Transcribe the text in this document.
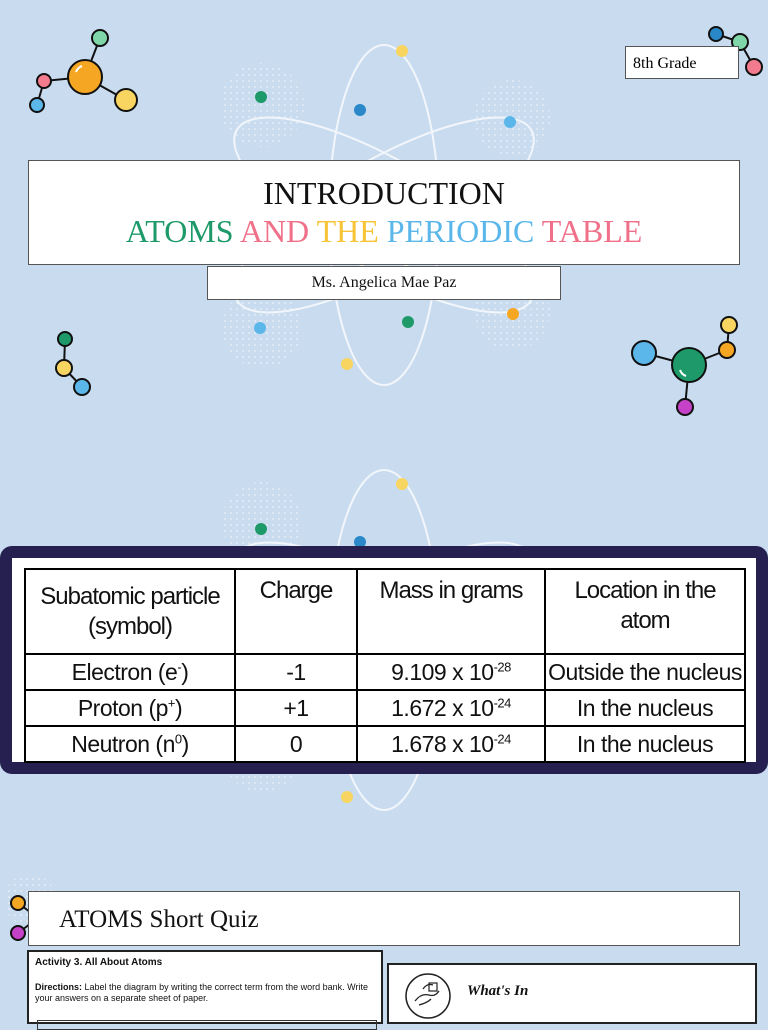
8th Grade
INTRODUCTION
ATOMS AND THE PERIODIC TABLE
Ms. Angelica Mae Paz
Subatomic particle (symbol)	Charge	Mass in grams	Location in the atom
Electron (e-)	-1	9.109 x $10^{-28}$	Outside the nucleus
Proton (p+)	+1	1.672 x $10^{-24}$	In the nucleus
Neutron $(n^0)$	0	1.678 x $10^{-24}$	In the nucleus
ATOMS Short Quiz
Activity 3. All About Atoms
Directions: Label the diagram by writing the correct term from the word bank. Write your answers on a separate sheet of paper.	What's In
